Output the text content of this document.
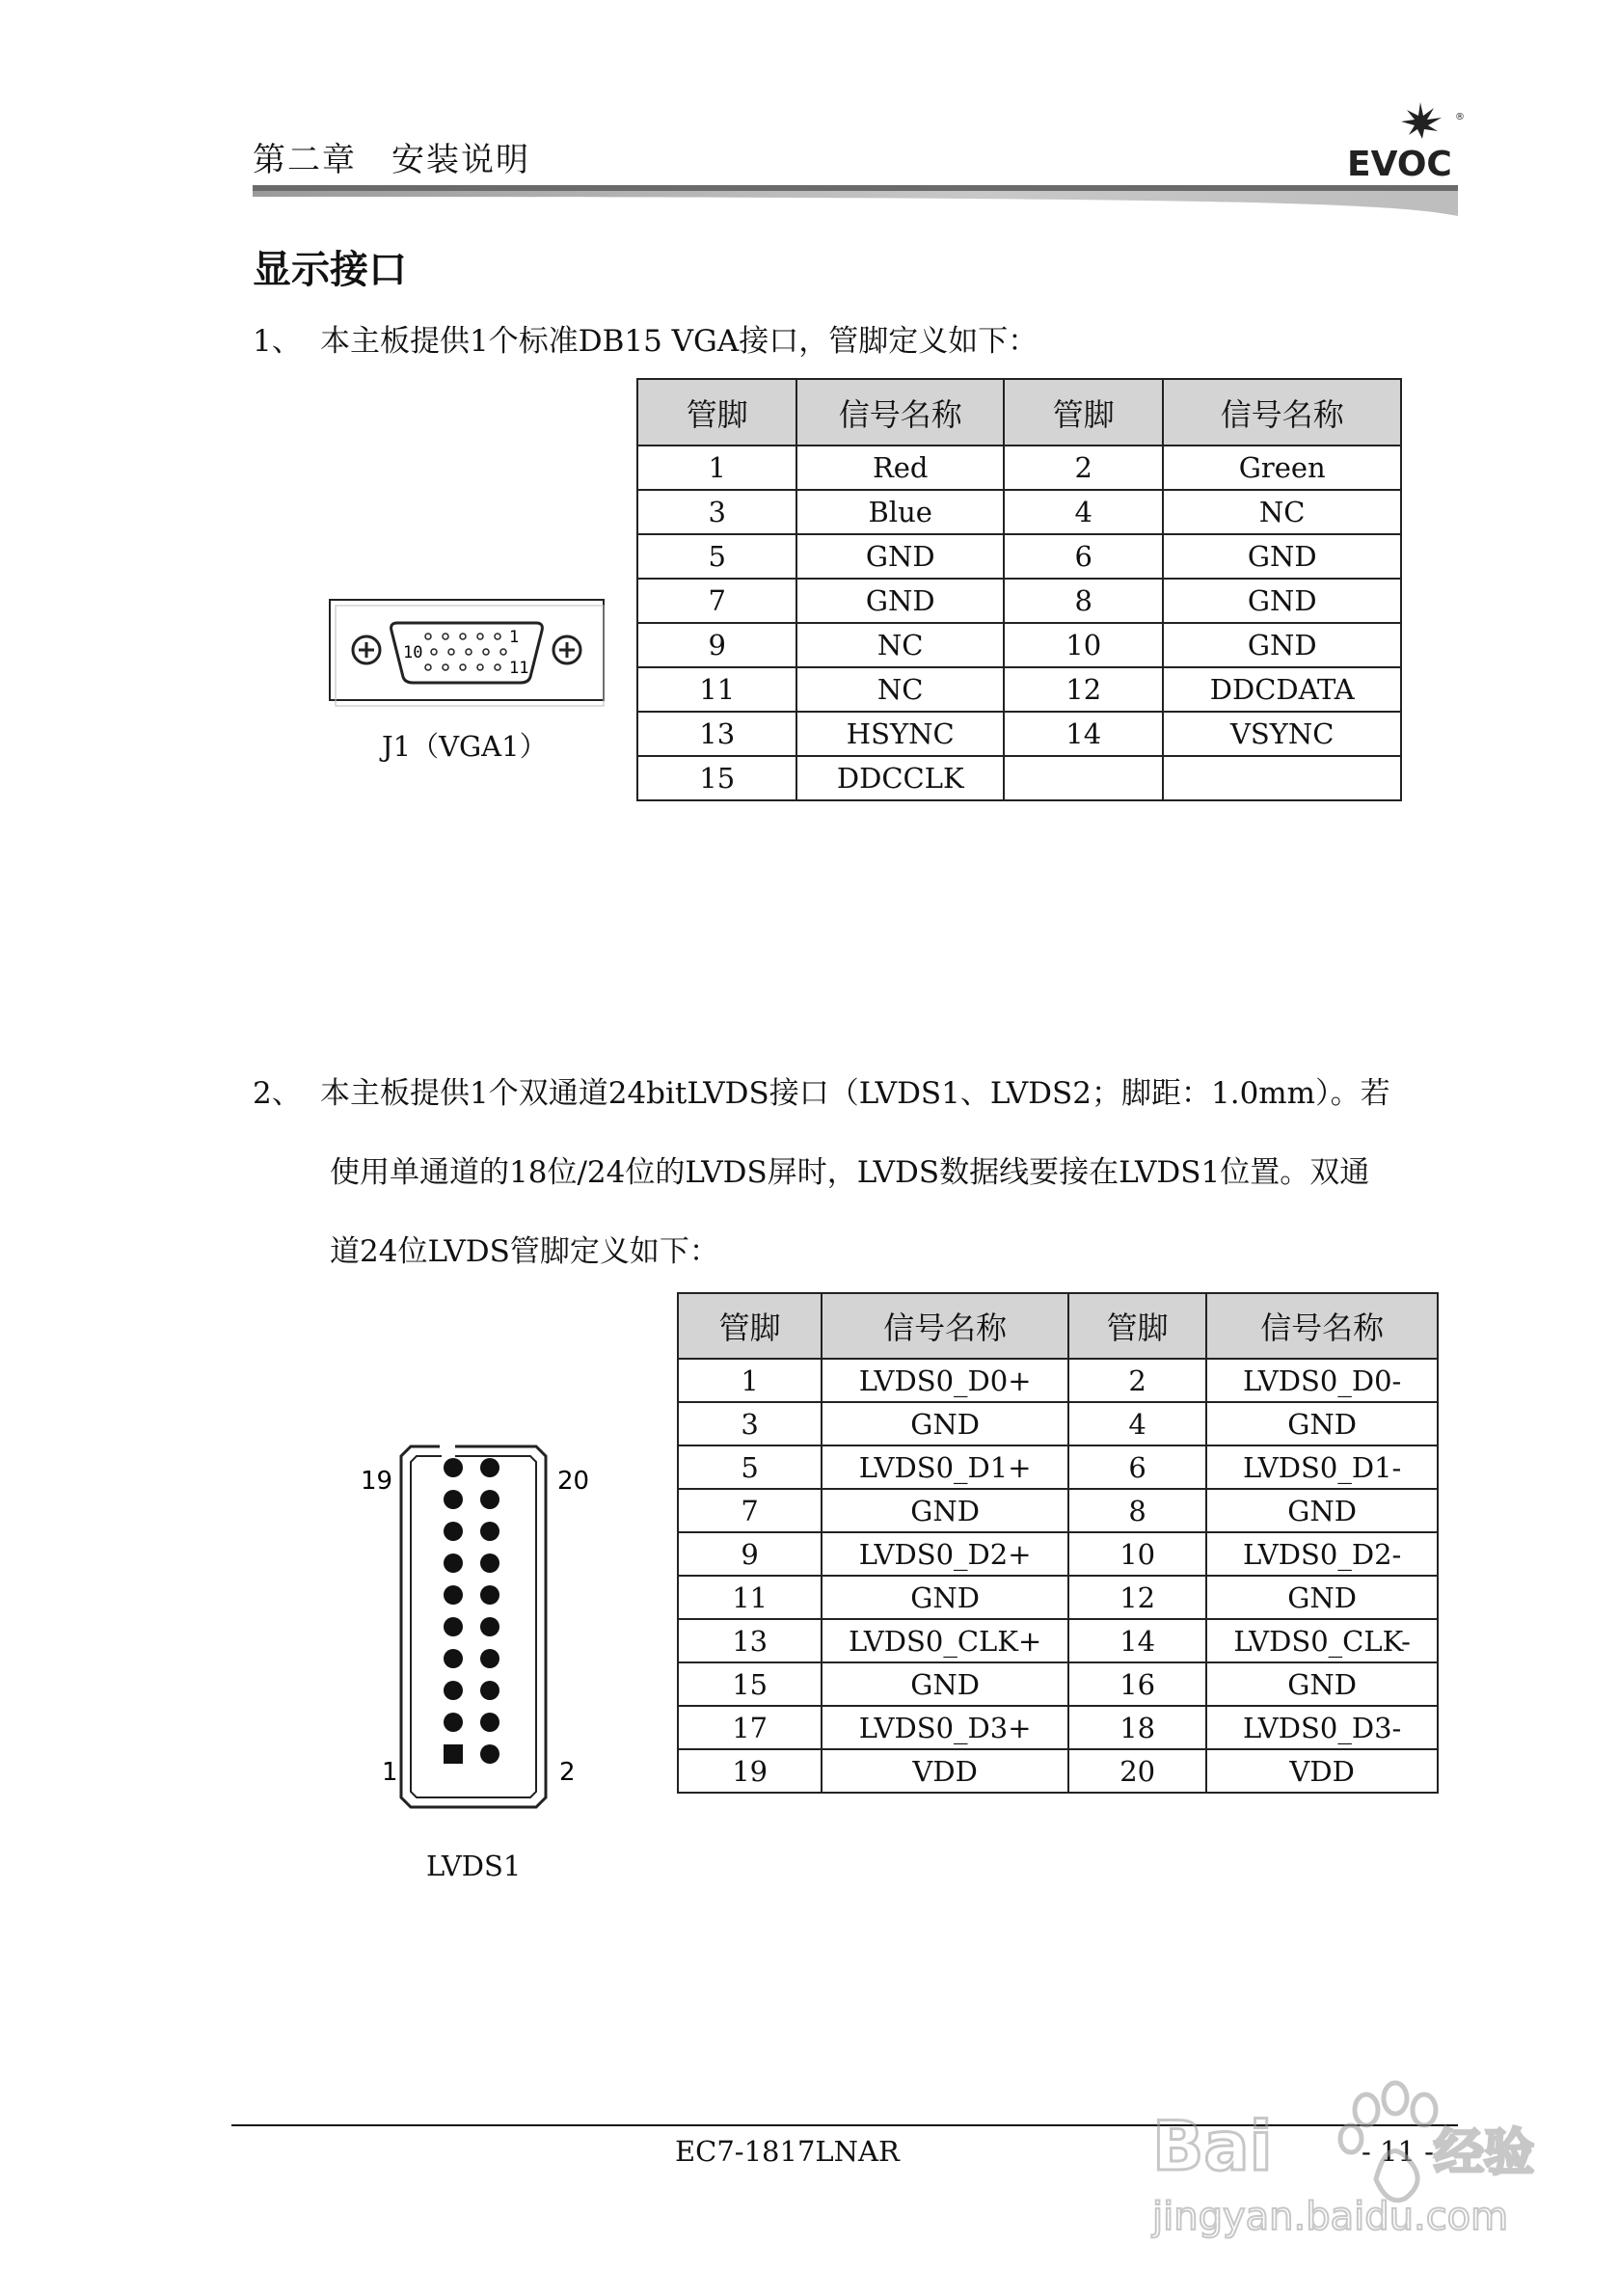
第二章　安装说明
®
EVOC
显示接口
1、 本主板提供1个标准DB15 VGA接口，管脚定义如下：
1
10
11
J1（VGA1）
管脚	信号名称	管脚	信号名称
1	Red	2	Green
3	Blue	4	NC
5	GND	6	GND
7	GND	8	GND
9	NC	10	GND
11	NC	12	DDCDATA
13	HSYNC	14	VSYNC
15	DDCCLK		
2、 本主板提供1个双通道24bitLVDS接口（LVDS1、LVDS2；脚距：1.0mm）。若
使用单通道的18位/24位的LVDS屏时，LVDS数据线要接在LVDS1位置。双通
道24位LVDS管脚定义如下：
19	20
1	2
LVDS1
管脚	信号名称	管脚	信号名称
1	LVDS0_D0+	2	LVDS0_D0-
3	GND	4	GND
5	LVDS0_D1+	6	LVDS0_D1-
7	GND	8	GND
9	LVDS0_D2+	10	LVDS0_D2-
11	GND	12	GND
13	LVDS0_CLK+	14	LVDS0_CLK-
15	GND	16	GND
17	LVDS0_D3+	18	LVDS0_D3-
19	VDD	20	VDD
EC7-1817LNAR	- 11 -
Bai	经验
jingyan.baidu.com
